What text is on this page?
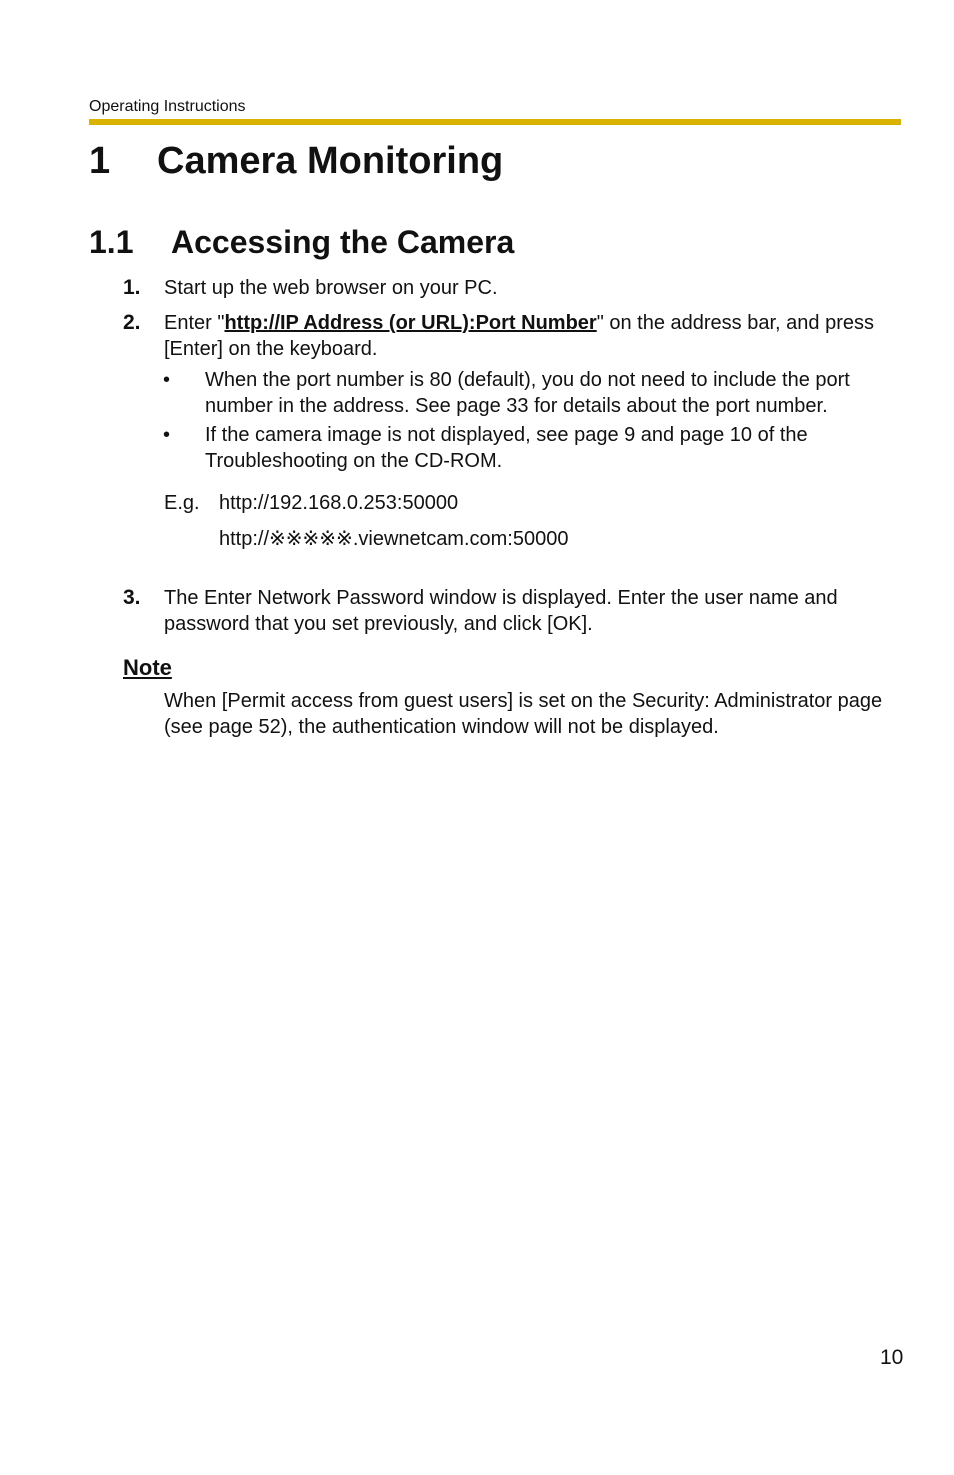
Operating Instructions
1 Camera Monitoring
1.1 Accessing the Camera
1. Start up the web browser on your PC.
2. Enter "http://IP Address (or URL):Port Number" on the address bar, and press [Enter] on the keyboard.
• When the port number is 80 (default), you do not need to include the port number in the address. See page 33 for details about the port number.
• If the camera image is not displayed, see page 9 and page 10 of the Troubleshooting on the CD-ROM.
E.g. http://192.168.0.253:50000
http://※※※※※.viewnetcam.com:50000
3. The Enter Network Password window is displayed. Enter the user name and password that you set previously, and click [OK].
Note
When [Permit access from guest users] is set on the Security: Administrator page (see page 52), the authentication window will not be displayed.
10
